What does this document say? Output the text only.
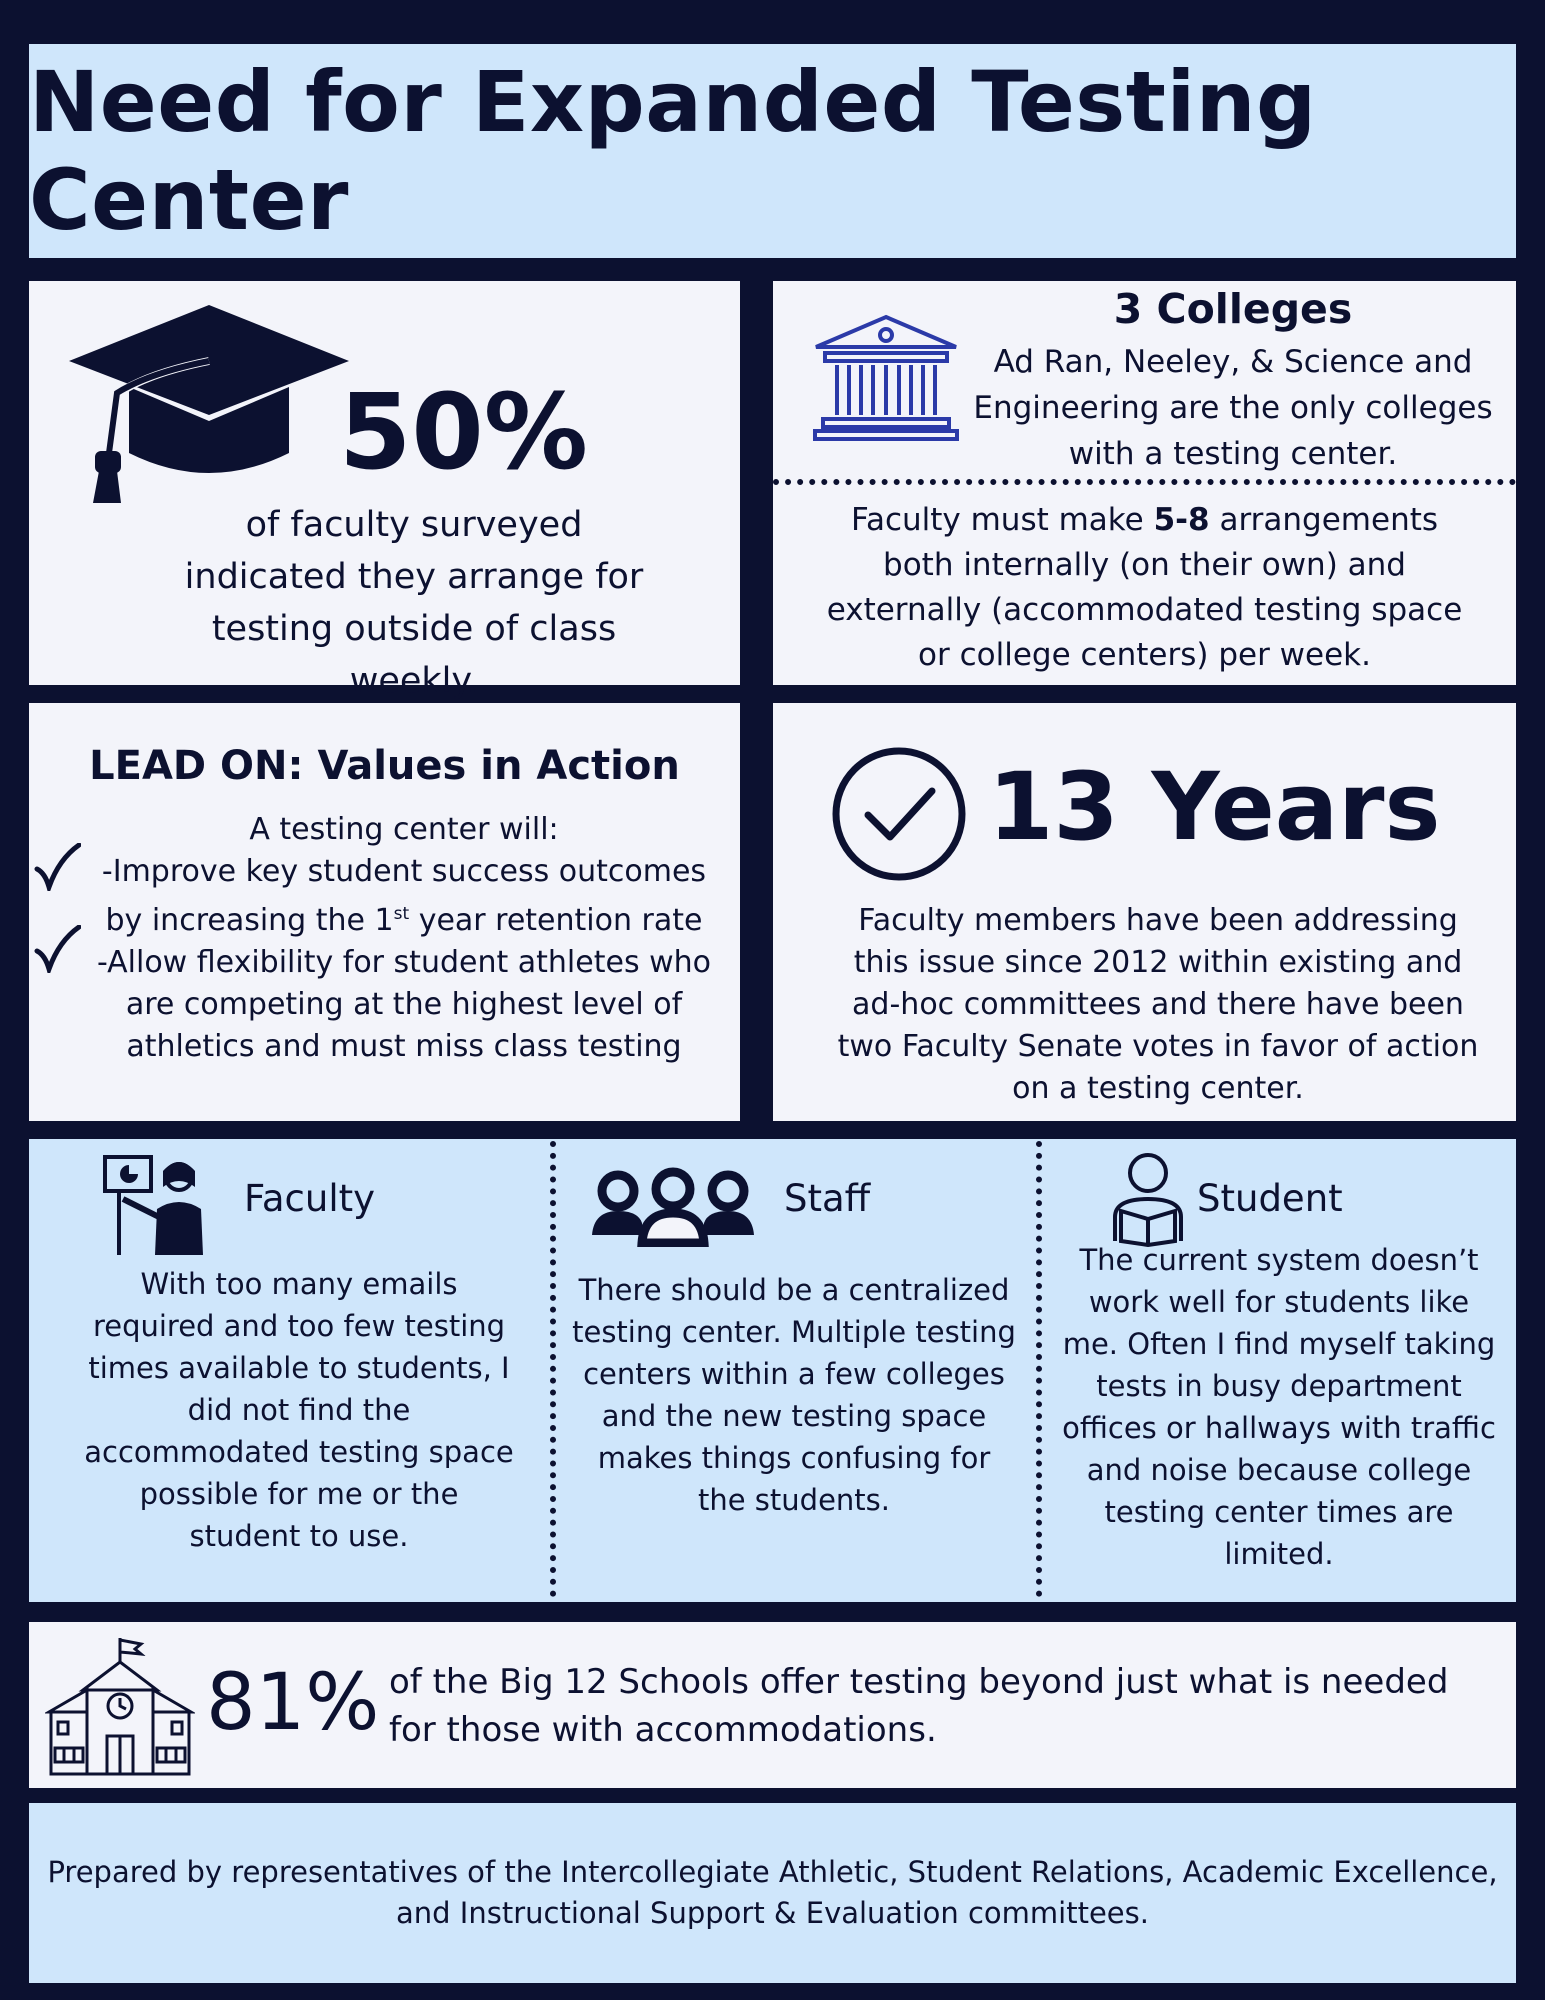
Need for Expanded Testing Center
50%
of faculty surveyed indicated they arrange for testing outside of class weekly.
3 Colleges
Ad Ran, Neeley, & Science and Engineering are the only colleges with a testing center.
Faculty must make 5-8 arrangements both internally (on their own) and externally (accommodated testing space or college centers) per week.
LEAD ON: Values in Action
A testing center will:
-Improve key student success outcomes by increasing the 1st year retention rate
-Allow flexibility for student athletes who are competing at the highest level of athletics and must miss class testing
13 Years
Faculty members have been addressing this issue since 2012 within existing and ad-hoc committees and there have been two Faculty Senate votes in favor of action on a testing center.
Faculty
With too many emails required and too few testing times available to students, I did not find the accommodated testing space possible for me or the student to use.
Staff
There should be a centralized testing center. Multiple testing centers within a few colleges and the new testing space makes things confusing for the students.
Student
The current system doesn’t work well for students like me. Often I find myself taking tests in busy department offices or hallways with traffic and noise because college testing center times are limited.
81% of the Big 12 Schools offer testing beyond just what is needed for those with accommodations.
Prepared by representatives of the Intercollegiate Athletic, Student Relations, Academic Excellence, and Instructional Support & Evaluation committees.
